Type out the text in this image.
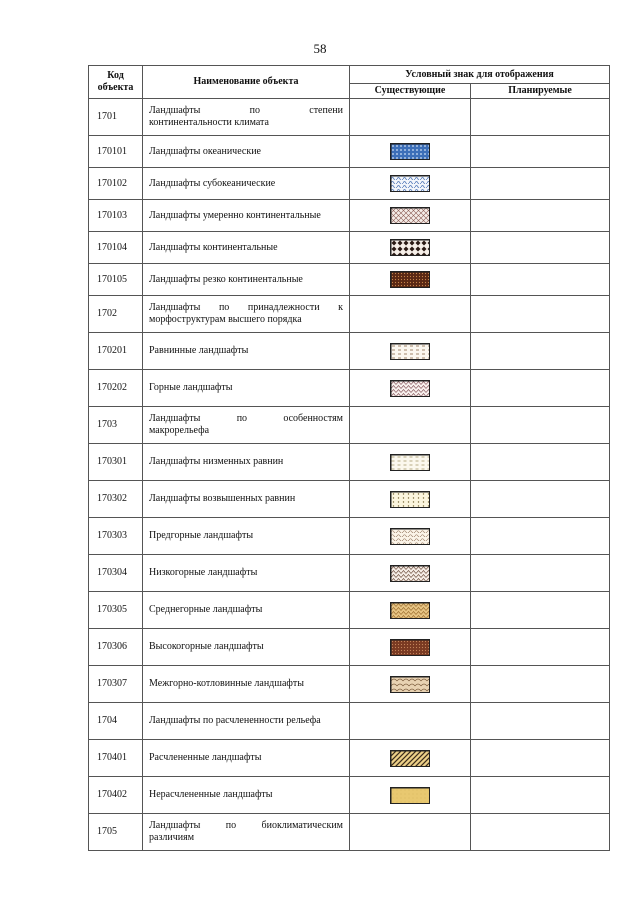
58
Код объекта	Наименование объекта	Условный знак для отображения	
		Существующие	Планируемые
1701	Ландшафты по степени
континентальности климата		

170101	Ландшафты океанические		
170102	Ландшафты субокеанические		
170103	Ландшафты умеренно континентальные		
170104	Ландшафты континентальные		
170105	Ландшафты резко континентальные		
1702	Ландшафты по принадлежности к
морфоструктурам высшего порядка		

170201	Равнинные ландшафты		
170202	Горные ландшафты		
1703	Ландшафты по особенностям
макрорельефа		

170301	Ландшафты низменных равнин		
170302	Ландшафты возвышенных равнин		
170303	Предгорные ландшафты		
170304	Низкогорные ландшафты		
170305	Среднегорные ландшафты		
170306	Высокогорные ландшафты		
170307	Межгорно-котловинные ландшафты		
1704	Ландшафты по расчлененности рельефа		
170401	Расчлененные ландшафты		
170402	Нерасчлененные ландшафты		
1705	Ландшафты по биоклиматическим
различиям		
